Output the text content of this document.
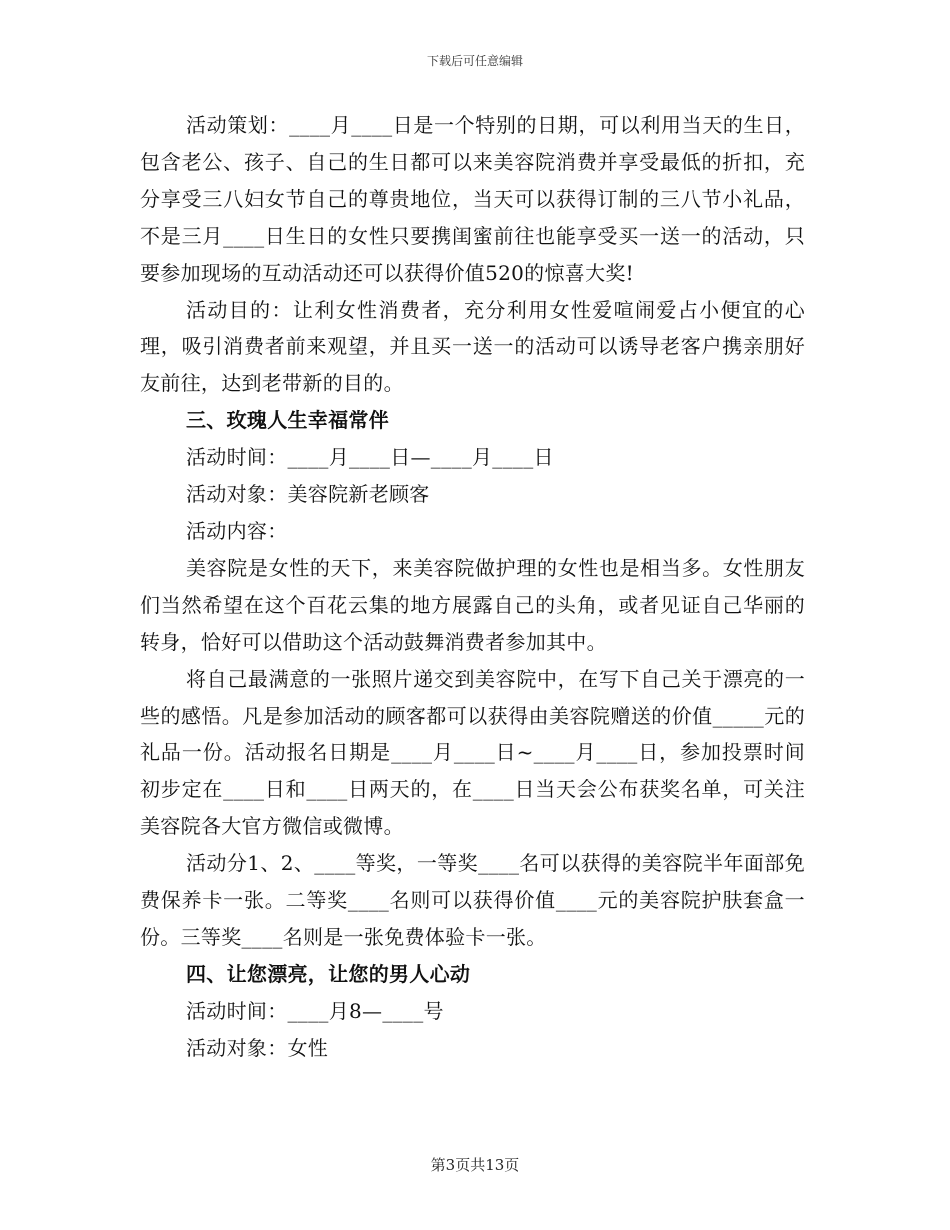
下载后可任意编辑

活动策划：____月____日是一个特别的日期，可以利用当天的生日，包含老公、孩子、自己的生日都可以来美容院消费并享受最低的折扣，充分享受三八妇女节自己的尊贵地位，当天可以获得订制的三八节小礼品，不是三月____日生日的女性只要携闺蜜前往也能享受买一送一的活动，只要参加现场的互动活动还可以获得价值520的惊喜大奖!

活动目的：让利女性消费者，充分利用女性爱喧闹爱占小便宜的心理，吸引消费者前来观望，并且买一送一的活动可以诱导老客户携亲朋好友前往，达到老带新的目的。

三、玫瑰人生幸福常伴

活动时间：____月____日—____月____日

活动对象：美容院新老顾客

活动内容：

美容院是女性的天下，来美容院做护理的女性也是相当多。女性朋友们当然希望在这个百花云集的地方展露自己的头角，或者见证自己华丽的转身，恰好可以借助这个活动鼓舞消费者参加其中。

将自己最满意的一张照片递交到美容院中，在写下自己关于漂亮的一些的感悟。凡是参加活动的顾客都可以获得由美容院赠送的价值_____元的礼品一份。活动报名日期是____月____日~____月____日，参加投票时间初步定在____日和____日两天的，在____日当天会公布获奖名单，可关注美容院各大官方微信或微博。

活动分1、2、____等奖，一等奖____名可以获得的美容院半年面部免费保养卡一张。二等奖____名则可以获得价值____元的美容院护肤套盒一份。三等奖____名则是一张免费体验卡一张。

四、让您漂亮，让您的男人心动

活动时间：____月8—____号

活动对象：女性

第3页共13页
